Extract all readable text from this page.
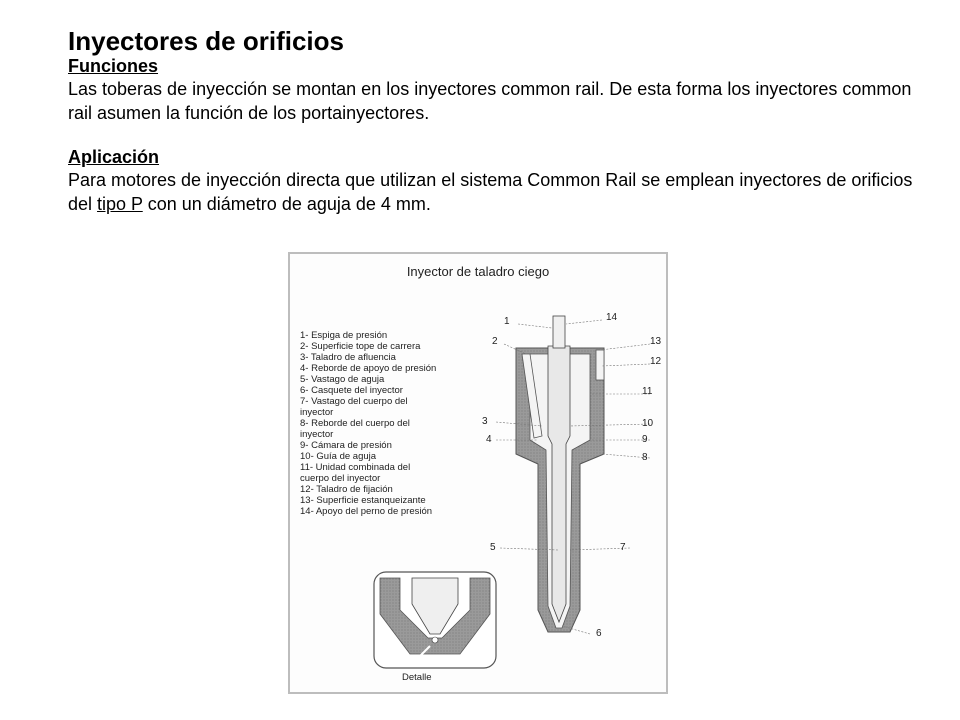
Inyectores de orificios
Funciones

Las toberas de inyección se montan en los inyectores common rail. De esta forma los inyectores common rail asumen la función de los portainyectores.

Aplicación

Para motores de inyección directa que utilizan el sistema Common Rail se emplean inyectores de orificios del tipo P con un diámetro de aguja de 4 mm.

Inyector de taladro ciego
1- Espiga de presión
2- Superficie tope de carrera
3- Taladro de afluencia
4- Reborde de apoyo de presión
5- Vastago de aguja
6- Casquete del inyector
7- Vastago del cuerpo del
inyector
8- Reborde del cuerpo del
inyector
9- Cámara de presión
10- Guía de aguja
11- Unidad combinada del
cuerpo del inyector
12- Taladro de fijación
13- Superficie estanqueizante
14- Apoyo del perno de presión
1	14
2	13
12
11
3	10
4	9
8
5	7
6
Detalle
